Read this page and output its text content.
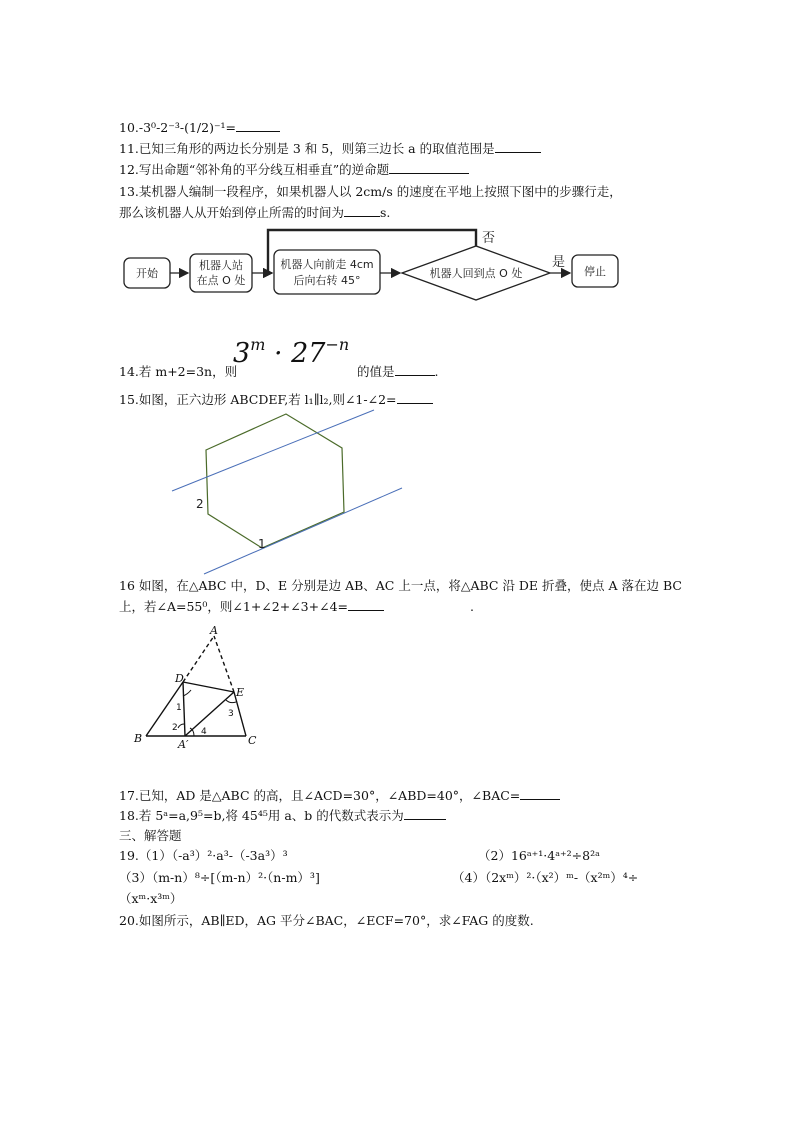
10.-3⁰-2⁻³-(1/2)⁻¹=
11.已知三角形的两边长分别是 3 和 5，则第三边长 a 的取值范围是
12.写出命题“邻补角的平分线互相垂直”的逆命题
13.某机器人编制一段程序，如果机器人以 2cm/s 的速度在平地上按照下图中的步骤行走，
那么该机器人从开始到停止所需的时间为	s.
开始
机器人站
在点 O 处
机器人向前走 4cm
后向右转 45°
机器人回到点 O 处
否
是
停止
$3^m \cdot 27^{-n}$
14.若 m+2=3n，则	的值是	.
15.如图，正六边形 ABCDEF,若 l₁∥l₂,则∠1-∠2=
2
1
16 如图，在△ABC 中，D、E 分别是边 AB、AC 上一点，将△ABC 沿 DE 折叠，使点 A 落在边 BC
上，若∠A=55⁰，则∠1+∠2+∠3+∠4=	.
A
D
E
B	C
A′
1
2
3
4
17.已知，AD 是△ABC 的高，且∠ACD=30°，∠ABD=40°，∠BAC=
18.若 5ᵃ=a,9⁵=b,将 45⁴⁵用 a、b 的代数式表示为
三、解答题
19.（1）（-a³）²·a³-（-3a³）³	（2）16ᵃ⁺¹·4ᵃ⁺²÷8²ᵃ
（3）（m-n）⁸÷[（m-n）²·（n-m）³]	（4）（2xᵐ）²·（x²）ᵐ-（x²ᵐ）⁴÷
（xᵐ·x³ᵐ）
20.如图所示，AB∥ED，AG 平分∠BAC，∠ECF=70°，求∠FAG 的度数.
